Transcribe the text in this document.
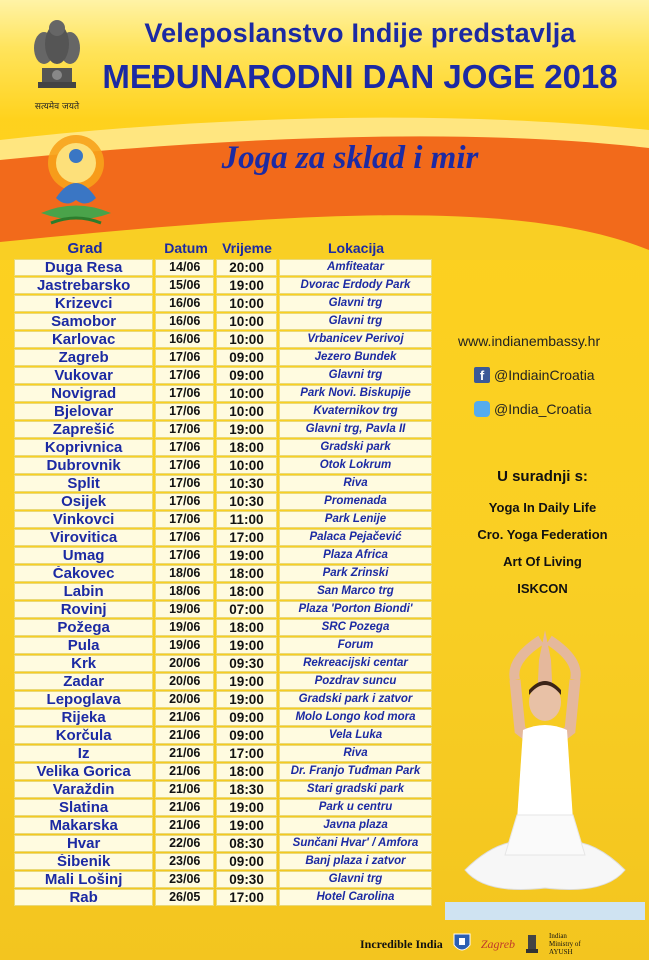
सत्यमेव जयते
Veleposlanstvo Indije predstavlja
MEĐUNARODNI DAN JOGE 2018
Joga za sklad i mir
Grad	Datum	Vrijeme	Lokacija
Duga Resa	14/06	20:00	Amfiteatar
Jastrebarsko	15/06	19:00	Dvorac Erdody Park
Krizevci	16/06	10:00	Glavni trg
Samobor	16/06	10:00	Glavni trg
Karlovac	16/06	10:00	Vrbanicev Perivoj
Zagreb	17/06	09:00	Jezero Bundek
Vukovar	17/06	09:00	Glavni trg
Novigrad	17/06	10:00	Park Novi. Biskupije
Bjelovar	17/06	10:00	Kvaternikov trg
Zaprešić	17/06	19:00	Glavni trg, Pavla II
Koprivnica	17/06	18:00	Gradski park
Dubrovnik	17/06	10:00	Otok Lokrum
Split	17/06	10:30	Riva
Osijek	17/06	10:30	Promenada
Vinkovci	17/06	11:00	Park Lenije
Virovitica	17/06	17:00	Palaca Pejačević
Umag	17/06	19:00	Plaza Africa
Čakovec	18/06	18:00	Park Zrinski
Labin	18/06	18:00	San Marco trg
Rovinj	19/06	07:00	Plaza 'Porton Biondi'
Požega	19/06	18:00	SRC Pozega
Pula	19/06	19:00	Forum
Krk	20/06	09:30	Rekreacijski centar
Zadar	20/06	19:00	Pozdrav suncu
Lepoglava	20/06	19:00	Gradski park i zatvor
Rijeka	21/06	09:00	Molo Longo kod mora
Korčula	21/06	09:00	Vela Luka
Iz	21/06	17:00	Riva
Velika Gorica	21/06	18:00	Dr. Franjo Tuđman Park
Varaždin	21/06	18:30	Stari gradski park
Slatina	21/06	19:00	Park u centru
Makarska	21/06	19:00	Javna plaza
Hvar	22/06	08:30	Sunčani Hvar' / Amfora
Šibenik	23/06	09:00	Banj plaza i zatvor
Mali Lošinj	23/06	09:30	Glavni trg
Rab	26/05	17:00	Hotel Carolina
www.indianembassy.hr
f @IndiainCroatia
@India_Croatia
U suradnji s:
Yoga In Daily Life
Cro. Yoga Federation
Art Of Living
ISKCON
Incredible India	Zagreb
Indian
Ministry of
AYUSH
